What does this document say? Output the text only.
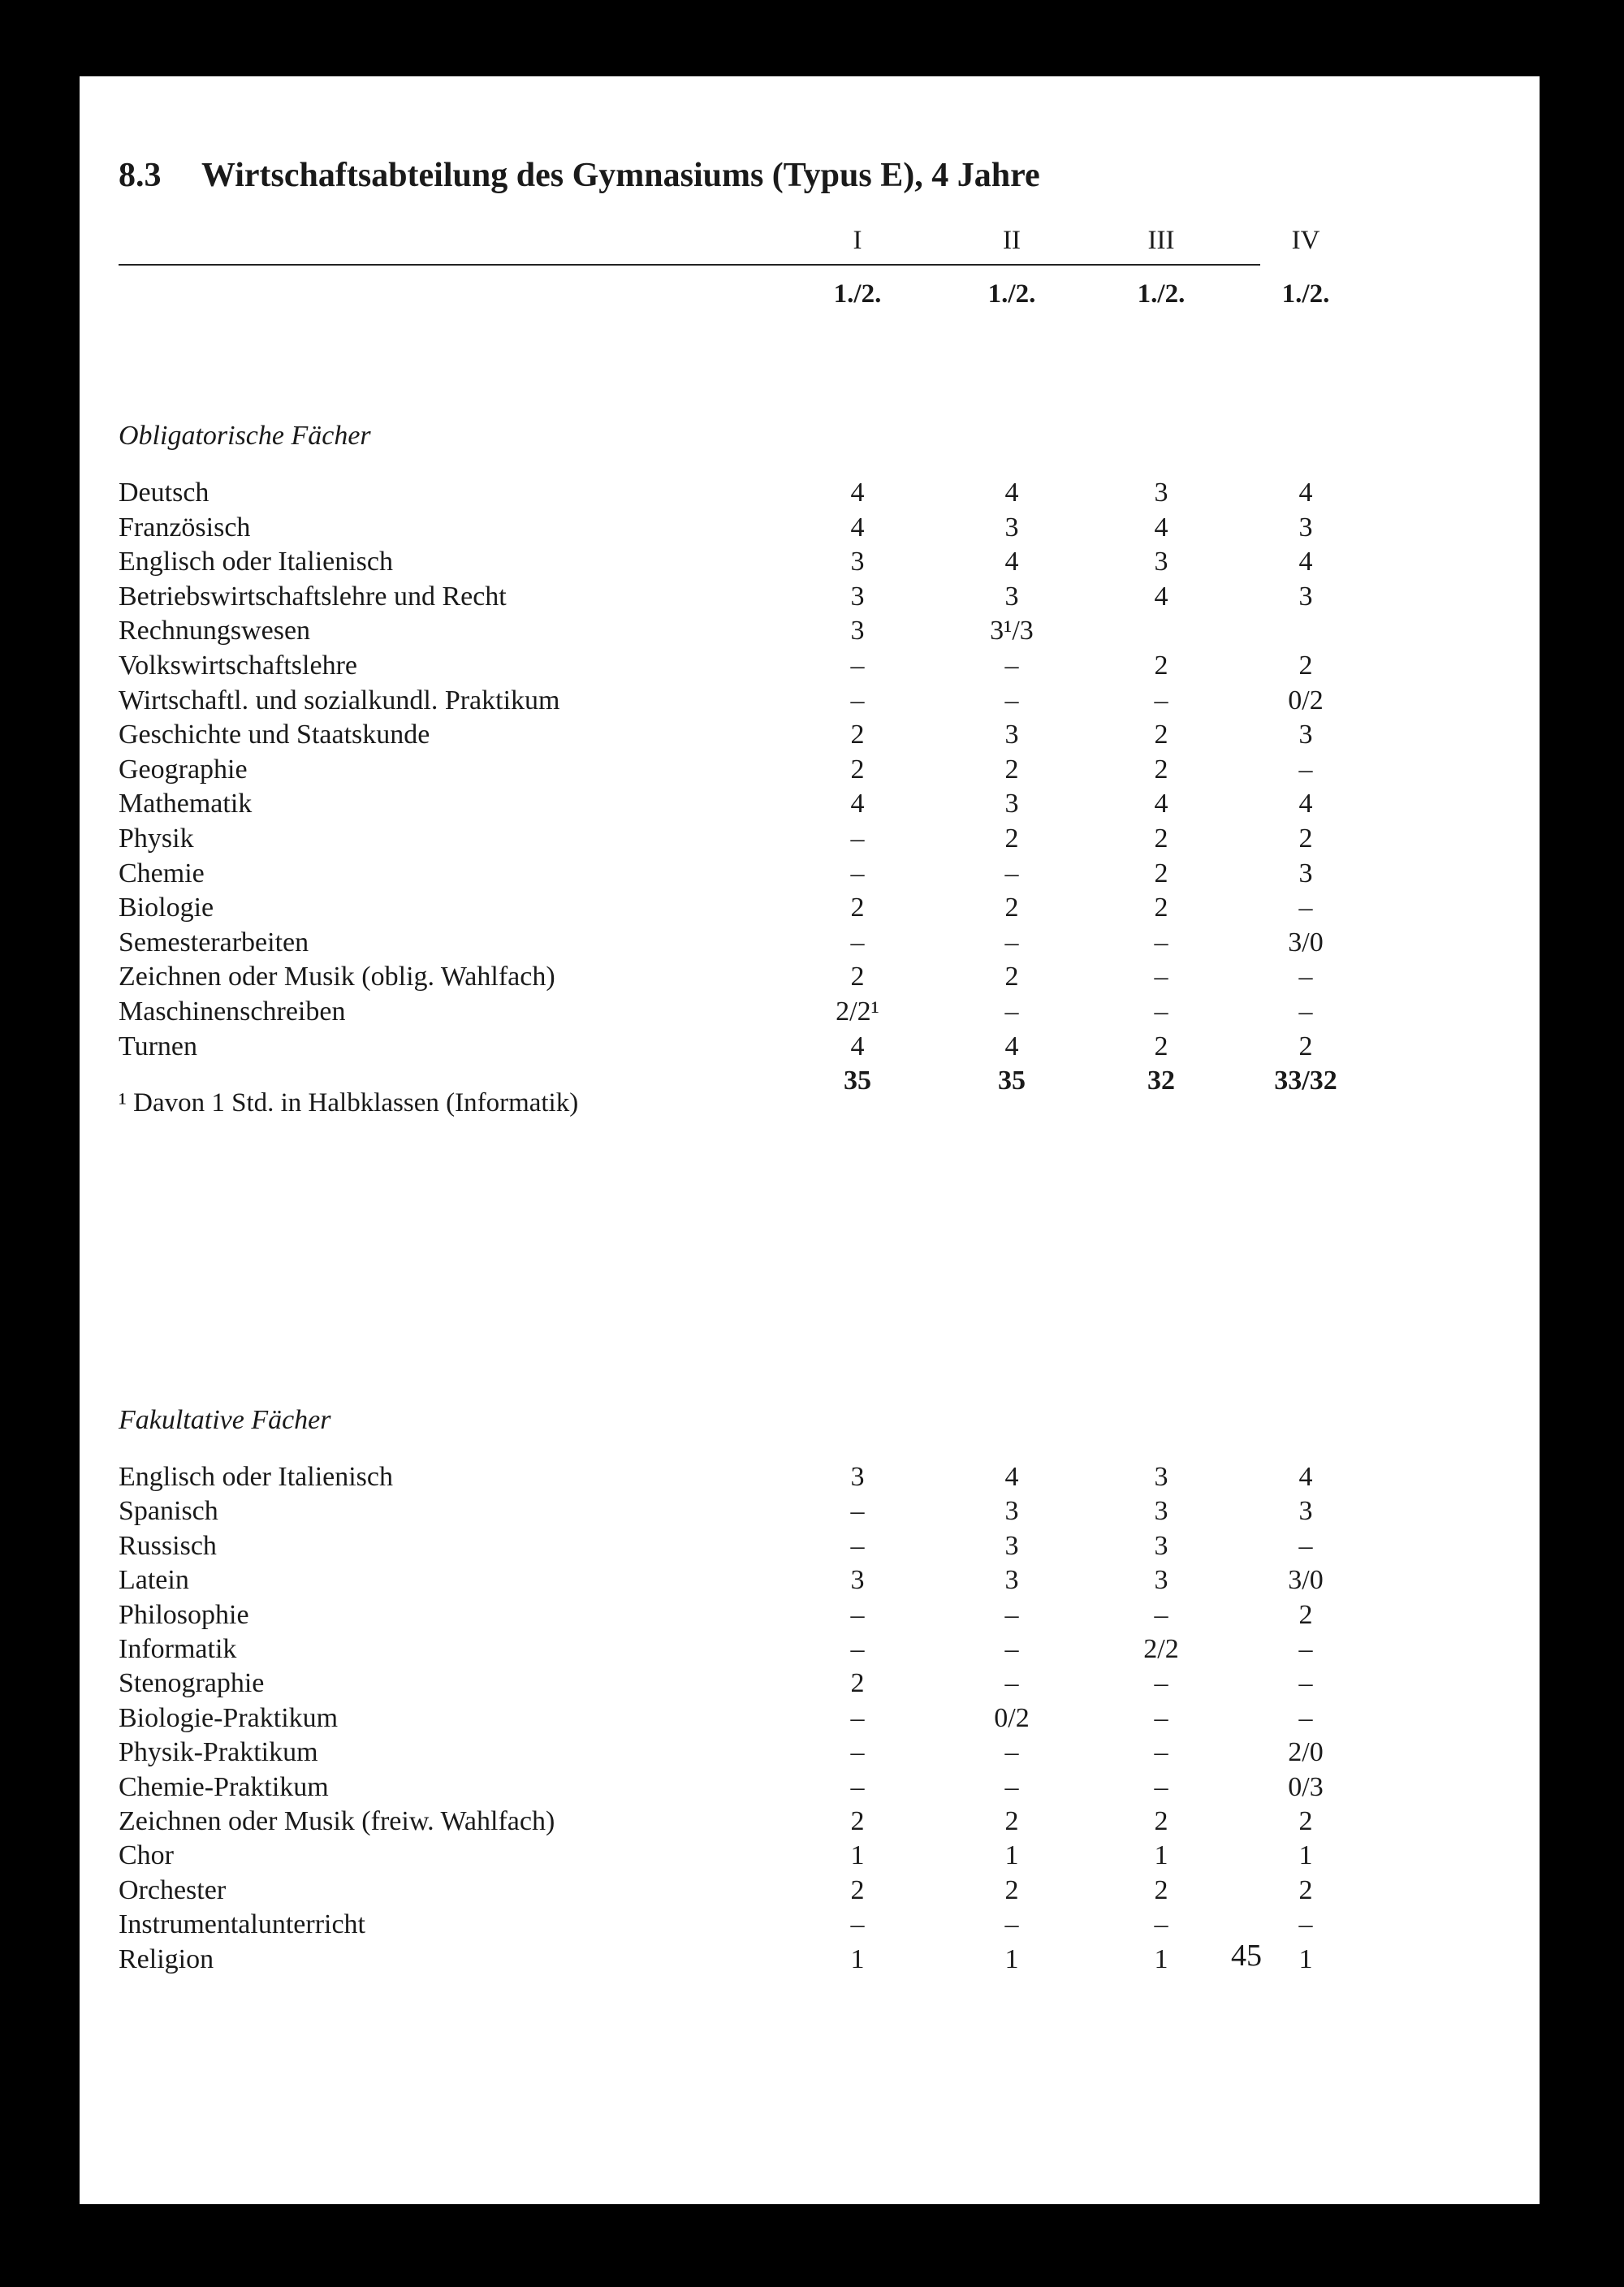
8.3 Wirtschaftsabteilung des Gymnasiums (Typus E), 4 Jahre
I	II	III	IV
1./2.	1./2.	1./2.	1./2.
Obligatorische Fächer
Deutsch	4	4	3	4
Französisch	4	3	4	3
Englisch oder Italienisch	3	4	3	4
Betriebswirtschaftslehre und Recht	3	3	4	3
Rechnungswesen	3	3¹/3
Volkswirtschaftslehre	–	–	2	2
Wirtschaftl. und sozialkundl. Praktikum	–	–	–	0/2
Geschichte und Staatskunde	2	3	2	3
Geographie	2	2	2	–
Mathematik	4	3	4	4
Physik	–	2	2	2
Chemie	–	–	2	3
Biologie	2	2	2	–
Semesterarbeiten	–	–	–	3/0
Zeichnen oder Musik (oblig. Wahlfach)	2	2	–	–
Maschinenschreiben	2/2¹	–	–	–
Turnen	4	4	2	2
35	35	32	33/32
¹ Davon 1 Std. in Halbklassen (Informatik)
Fakultative Fächer
Englisch oder Italienisch	3	4	3	4
Spanisch	–	3	3	3
Russisch	–	3	3	–
Latein	3	3	3	3/0
Philosophie	–	–	–	2
Informatik	–	–	2/2	–
Stenographie	2	–	–	–
Biologie-Praktikum	–	0/2	–	–
Physik-Praktikum	–	–	–	2/0
Chemie-Praktikum	–	–	–	0/3
Zeichnen oder Musik (freiw. Wahlfach)	2	2	2	2
Chor	1	1	1	1
Orchester	2	2	2	2
Instrumentalunterricht	–	–	–	–
Religion	1	1	1	1
45
